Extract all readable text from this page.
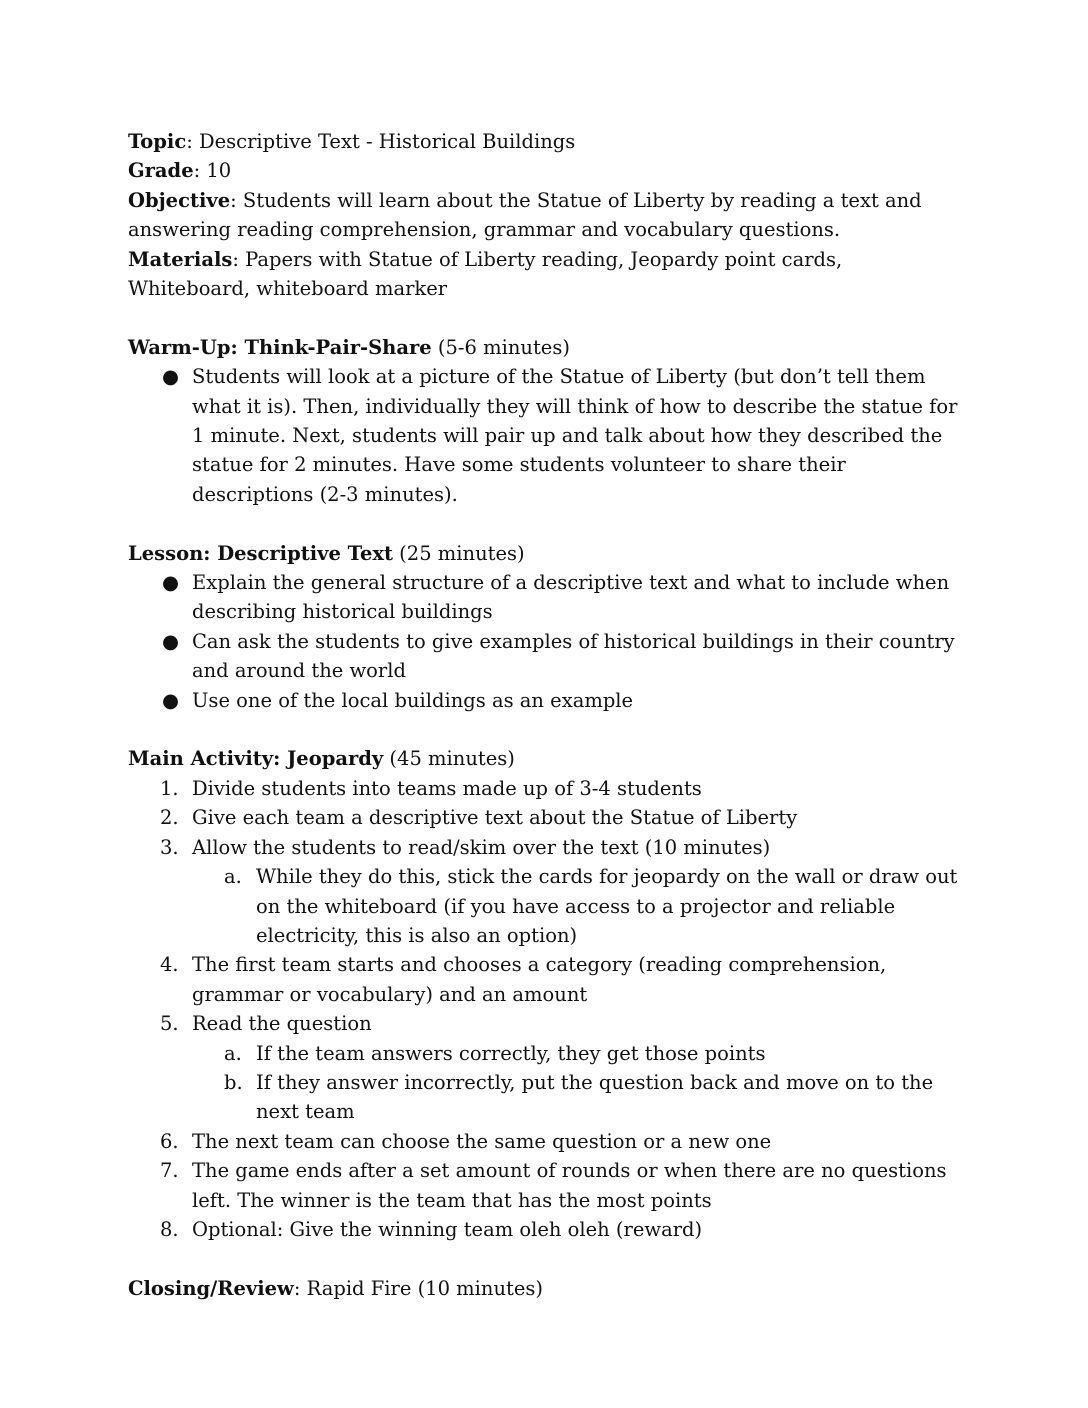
Topic: Descriptive Text - Historical Buildings

Grade: 10

Objective: Students will learn about the Statue of Liberty by reading a text and answering reading comprehension, grammar and vocabulary questions.

Materials: Papers with Statue of Liberty reading, Jeopardy point cards, Whiteboard, whiteboard marker

Warm-Up: Think-Pair-Share (5-6 minutes)

● Students will look at a picture of the Statue of Liberty (but don’t tell them what it is). Then, individually they will think of how to describe the statue for 1 minute. Next, students will pair up and talk about how they described the statue for 2 minutes. Have some students volunteer to share their descriptions (2-3 minutes).

Lesson: Descriptive Text (25 minutes)

● Explain the general structure of a descriptive text and what to include when describing historical buildings
● Can ask the students to give examples of historical buildings in their country and around the world
● Use one of the local buildings as an example

Main Activity: Jeopardy (45 minutes)

1. Divide students into teams made up of 3-4 students
2. Give each team a descriptive text about the Statue of Liberty
3. Allow the students to read/skim over the text (10 minutes)
a. While they do this, stick the cards for jeopardy on the wall or draw out on the whiteboard (if you have access to a projector and reliable electricity, this is also an option)
4. The first team starts and chooses a category (reading comprehension, grammar or vocabulary) and an amount
5. Read the question
a. If the team answers correctly, they get those points
b. If they answer incorrectly, put the question back and move on to the next team
6. The next team can choose the same question or a new one
7. The game ends after a set amount of rounds or when there are no questions left. The winner is the team that has the most points
8. Optional: Give the winning team oleh oleh (reward)

Closing/Review: Rapid Fire (10 minutes)
